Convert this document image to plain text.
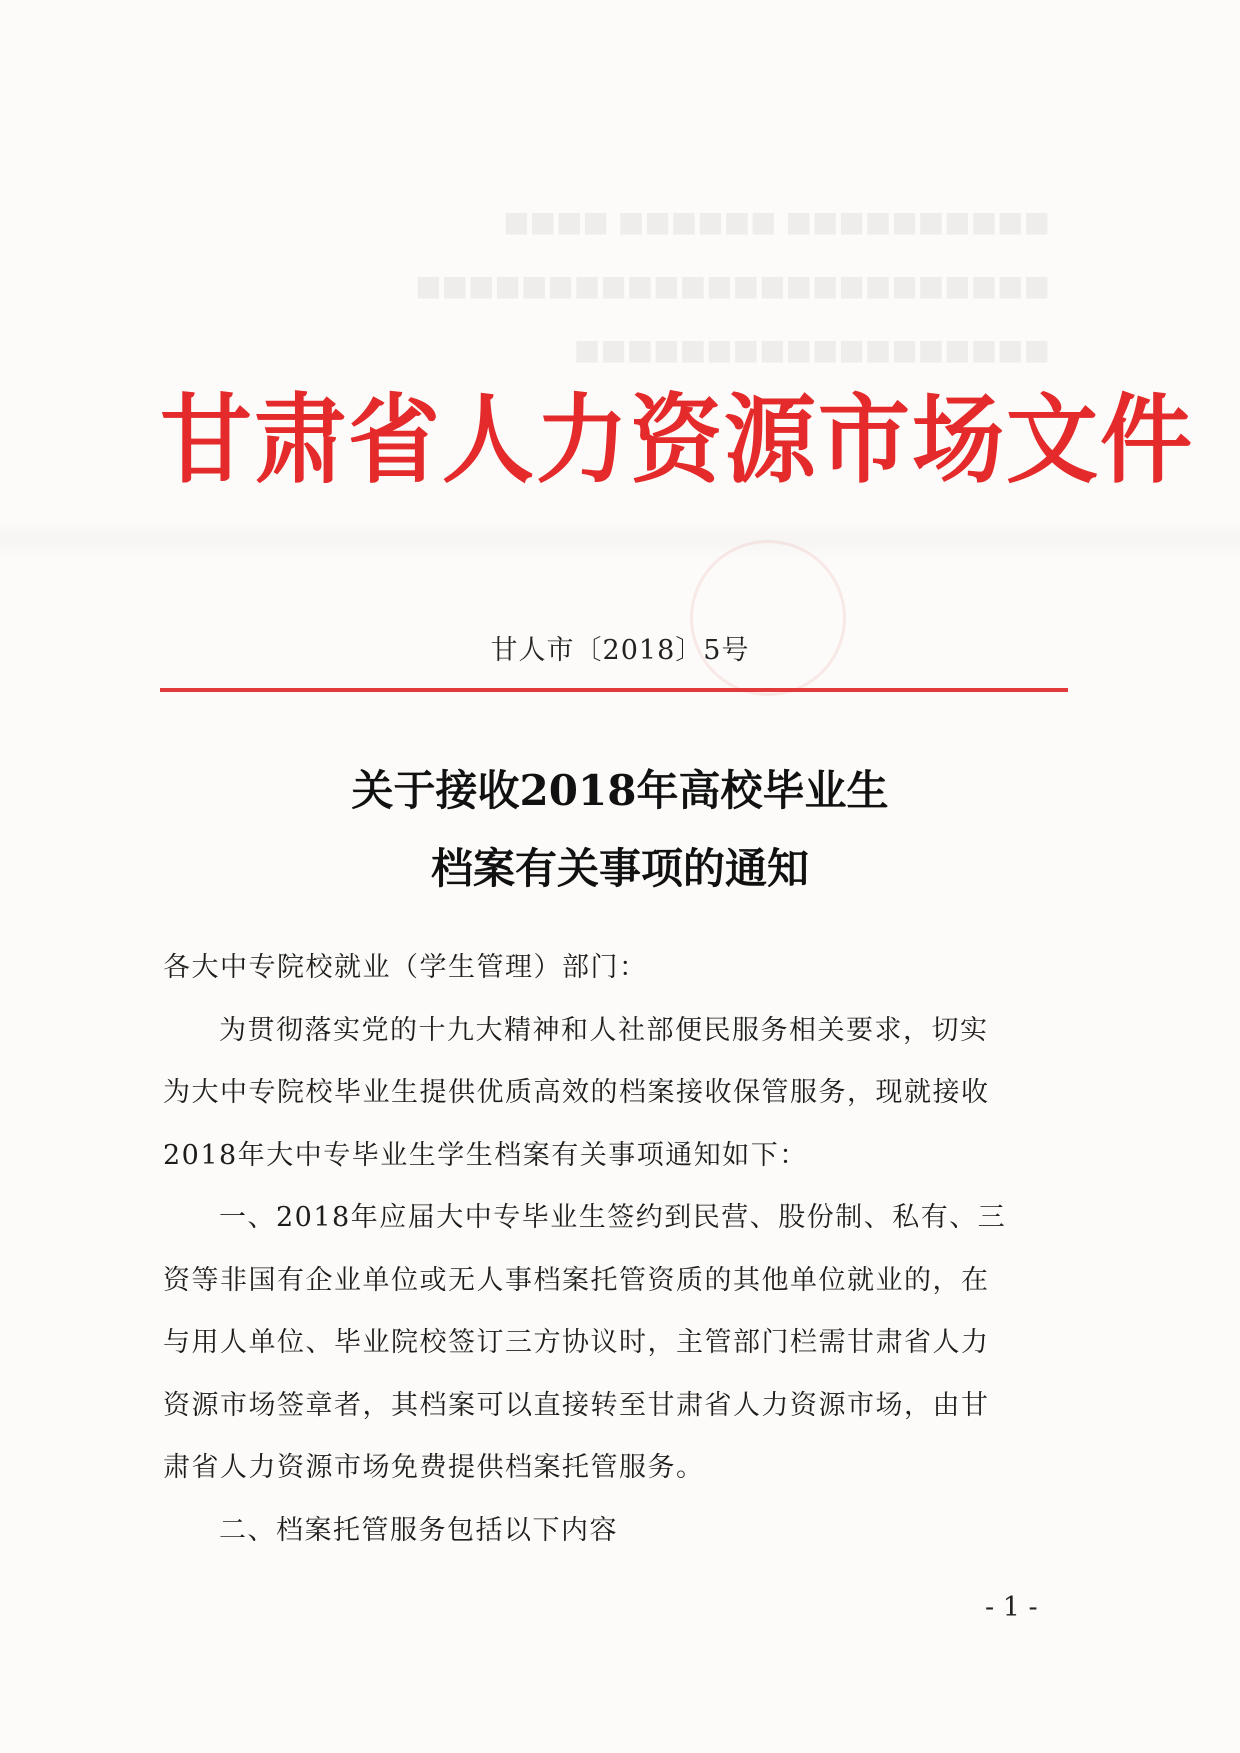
■■■■■■■■■■ ■■■■■■ ■■■■
■■■■■■■■■■■■■■■■■■■■■■■■
■■■■■■■■■■■■■■■■■■
甘肃省人力资源市场文件
甘人市〔2018〕5号
关于接收2018年高校毕业生
档案有关事项的通知
各大中专院校就业（学生管理）部门：
为贯彻落实党的十九大精神和人社部便民服务相关要求，切实
为大中专院校毕业生提供优质高效的档案接收保管服务，现就接收
2018年大中专毕业生学生档案有关事项通知如下：
一、2018年应届大中专毕业生签约到民营、股份制、私有、三
资等非国有企业单位或无人事档案托管资质的其他单位就业的，在
与用人单位、毕业院校签订三方协议时，主管部门栏需甘肃省人力
资源市场签章者，其档案可以直接转至甘肃省人力资源市场，由甘
肃省人力资源市场免费提供档案托管服务。
二、档案托管服务包括以下内容
- 1 -
